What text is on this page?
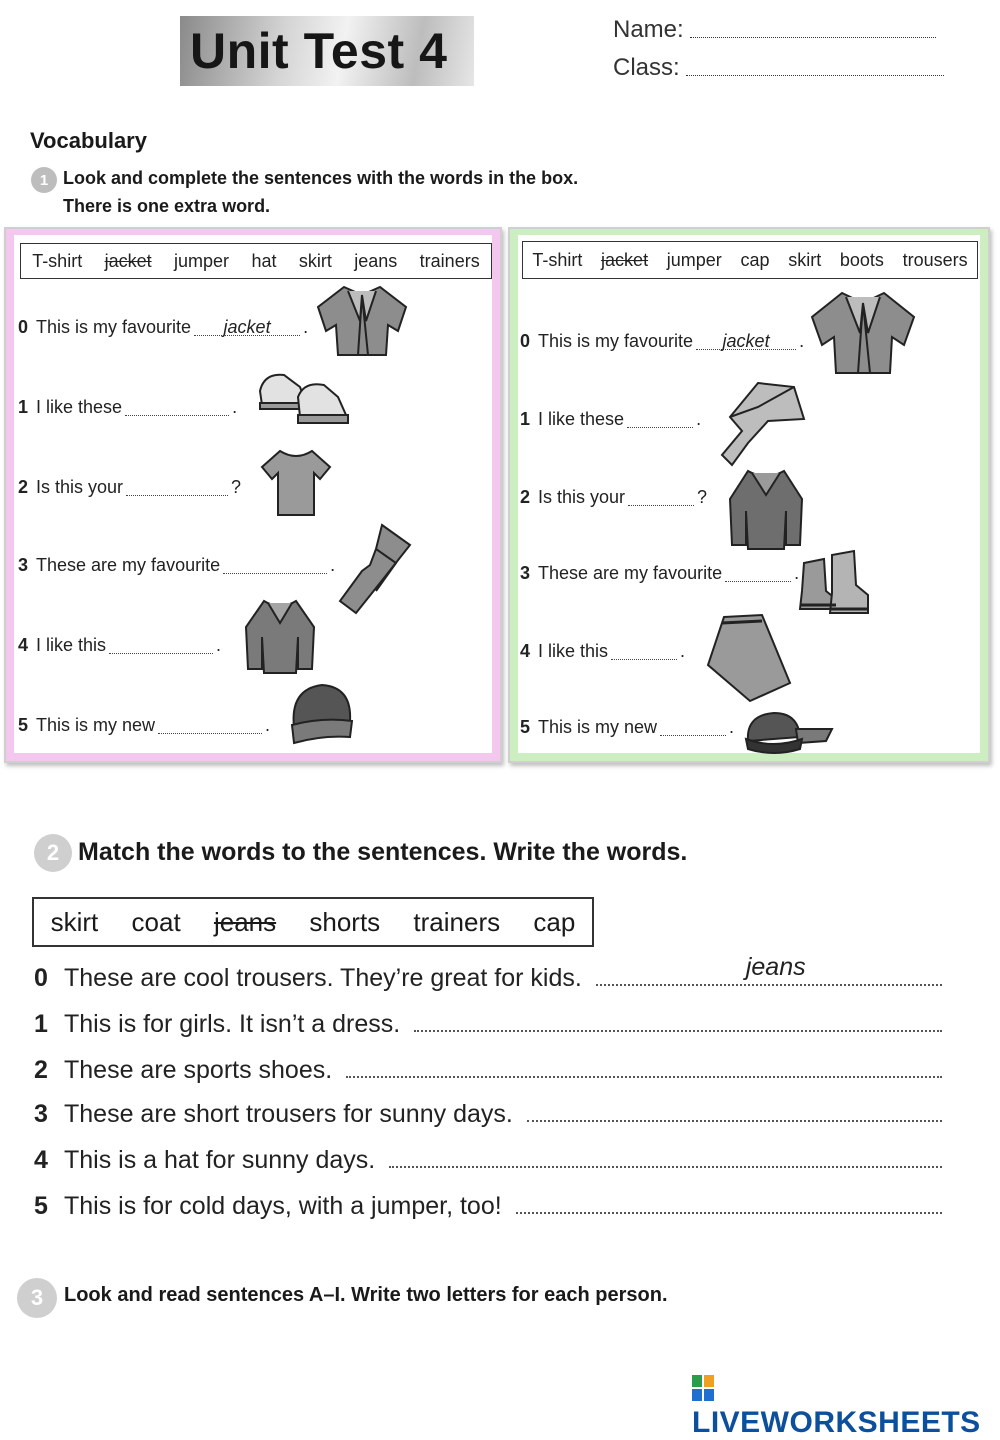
Unit Test 4	Name:
Class:
Vocabulary
1 Look and complete the sentences with the words in the box.
There is one extra word.
T-shirt jacket jumper hat skirt jeans trainers
0 This is my favourite jacket .
1 I like these	.
2 Is this your	?
3 These are my favourite	.
4 I like this	.
5 This is my new	.
T-shirt jacket jumper cap skirt boots trousers
0 This is my favourite jacket .
1 I like these	.
2 Is this your	?
3 These are my favourite	.
4 I like this	.
5 This is my new	.
2 Match the words to the sentences. Write the words.
skirt coat jeans shorts trainers cap
0 These are cool trousers. They’re great for kids.	jeans
1 This is for girls. It isn’t a dress.
2 These are sports shoes.
3 These are short trousers for sunny days.
4 This is a hat for sunny days.
5 This is for cold days, with a jumper, too!
3	Look and read sentences A–I. Write two letters for each person.
LIVEWORKSHEETS
